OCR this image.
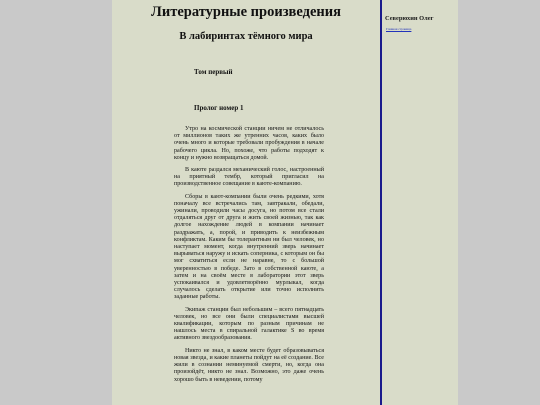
Литературные произведения
В лабиринтах тёмного мира
Том первый
Пролог номер 1

Утро на космической станции ничем не отличалось от миллионов таких же утренних часов, каких было очень много и которые требовали пробуждения в начале рабочего цикла. Но, похоже, что работы подходят к концу и нужно возвращаться домой.

В каюте раздался механический голос, настроенный на приятный тембр, который пригласил на производственное совещание в каюте-компанию.

Сборы в кают-компании были очень редкими, хотя поначалу все встречались там, завтракали, обедали, ужинали, проводили часы досуга, но потом все стали отдаляться друг от друга и жить своей жизнью, так как долгое нахождение людей в компании начинает раздражать, а, порой, и приводить к неизбежным конфликтам. Каким бы толерантным ни был человек, но наступает момент, когда внутренний зверь начинает вырываться наружу и искать соперника, с которым он бы мог схватиться если не наравне, то с большой уверенностью в победе. Зато в собственной каюте, а затем и на своём месте в лаборатории этот зверь успокаивался и удовлетворённо мурлыкал, когда случалось сделать открытие или точно исполнить заданные работы.

Экипаж станции был небольшим – всего пятнадцать человек, но все они были специалистами высшей квалификации, которым по разным причинам не нашлось места в спиральной галактике S во время активного звездообразования.

Никто не знал, в каком месте будет образовываться новая звезда, и какие планеты пойдут на её создание. Все жили в сознании неминуемой смерти, но, когда она произойдёт, никто не знал. Возможно, это даже очень хорошо быть в неведении, потому

Северюхин Олег
Главная страница
